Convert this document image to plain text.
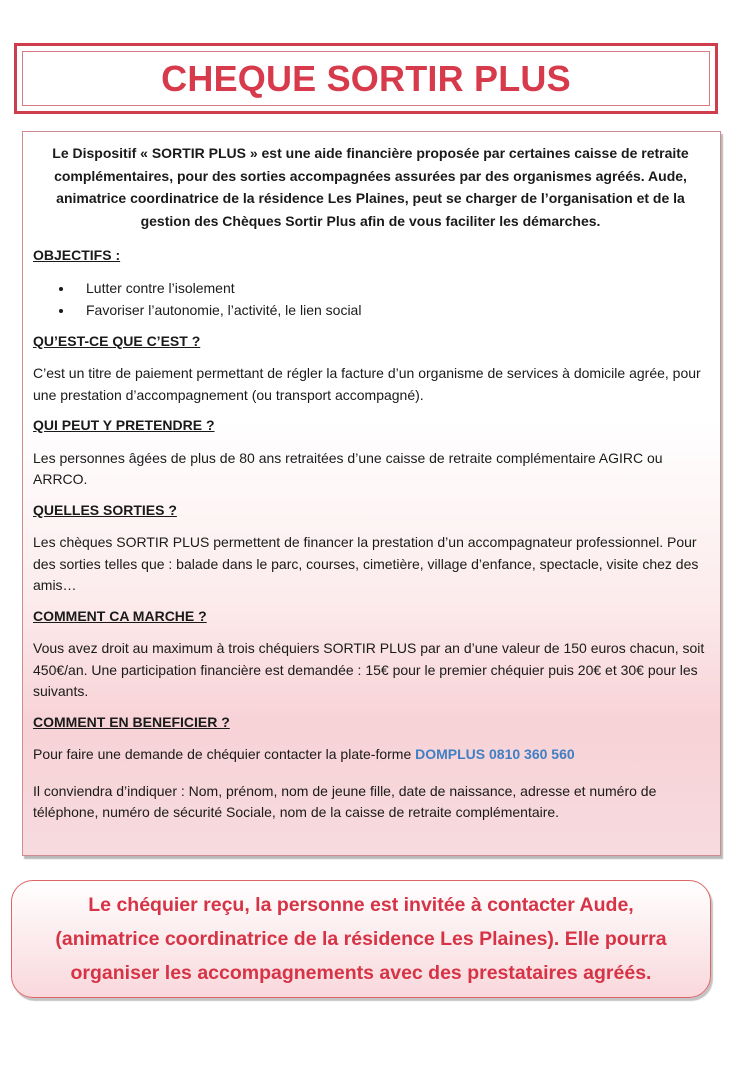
CHEQUE SORTIR PLUS

Le Dispositif « SORTIR PLUS » est une aide financière proposée par certaines caisse de retraite complémentaires, pour des sorties accompagnées assurées par des organismes agréés. Aude, animatrice coordinatrice de la résidence Les Plaines, peut se charger de l’organisation et de la gestion des Chèques Sortir Plus afin de vous faciliter les démarches.

OBJECTIFS :
• Lutter contre l’isolement
• Favoriser l’autonomie, l’activité, le lien social
QU’EST-CE QUE C’EST ?

C’est un titre de paiement permettant de régler la facture d’un organisme de services à domicile agrée, pour une prestation d’accompagnement (ou transport accompagné).

QUI PEUT Y PRETENDRE ?

Les personnes âgées de plus de 80 ans retraitées d’une caisse de retraite complémentaire AGIRC ou ARRCO.

QUELLES SORTIES ?

Les chèques SORTIR PLUS permettent de financer la prestation d’un accompagnateur professionnel. Pour des sorties telles que : balade dans le parc, courses, cimetière, village d’enfance, spectacle, visite chez des amis…

COMMENT CA MARCHE ?

Vous avez droit au maximum à trois chéquiers SORTIR PLUS par an d’une valeur de 150 euros chacun, soit 450€/an. Une participation financière est demandée : 15€ pour le premier chéquier puis 20€ et 30€ pour les suivants.

COMMENT EN BENEFICIER ?

Pour faire une demande de chéquier contacter la plate-forme DOMPLUS 0810 360 560

Il conviendra d’indiquer : Nom, prénom, nom de jeune fille, date de naissance, adresse et numéro de téléphone, numéro de sécurité Sociale, nom de la caisse de retraite complémentaire.

Le chéquier reçu, la personne est invitée à contacter Aude, (animatrice coordinatrice de la résidence Les Plaines). Elle pourra organiser les accompagnements avec des prestataires agréés.
